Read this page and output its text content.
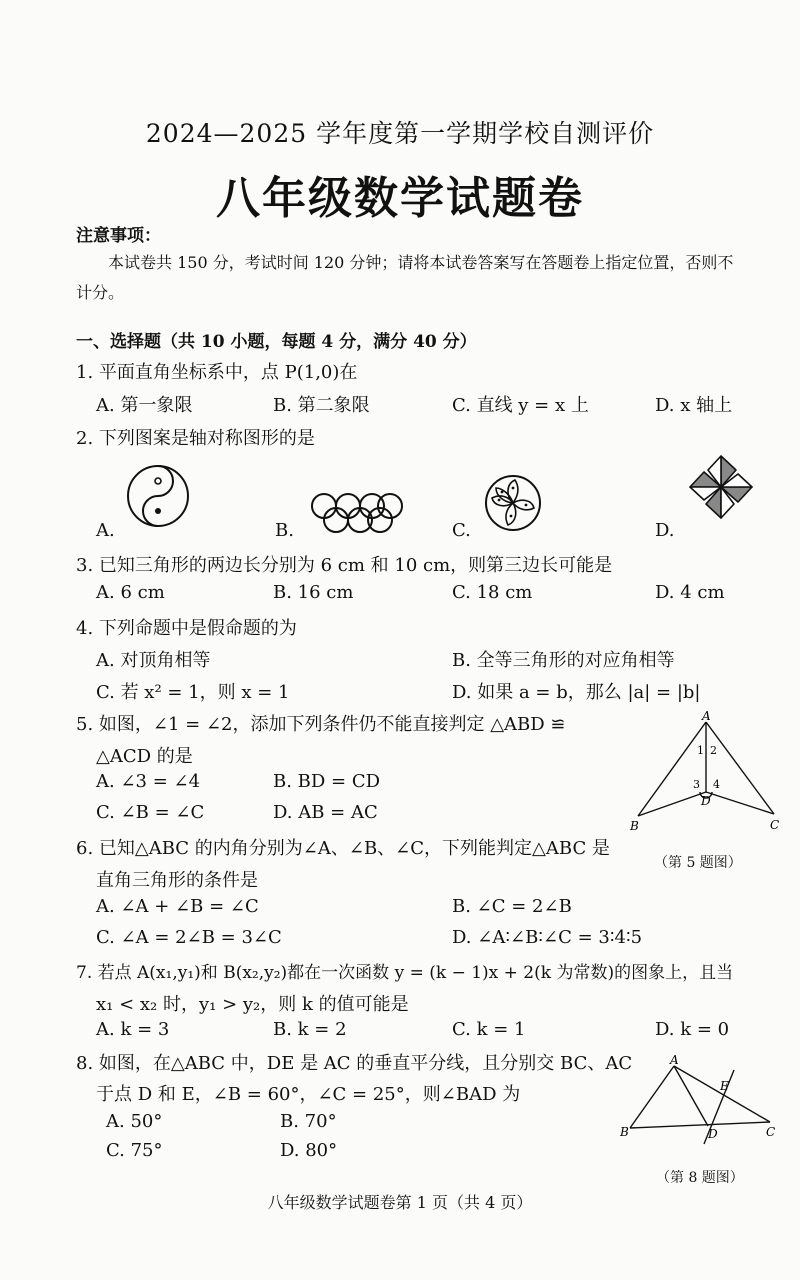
2024—2025 学年度第一学期学校自测评价
八年级数学试题卷
注意事项：
本试卷共 150 分，考试时间 120 分钟；请将本试卷答案写在答题卷上指定位置，否则不
计分。
一、选择题（共 10 小题，每题 4 分，满分 40 分）
1. 平面直角坐标系中，点 P(1,0)在
A. 第一象限	B. 第二象限	C. 直线 y = x 上	D. x 轴上
2. 下列图案是轴对称图形的是
A.	B.	C.	D.
3. 已知三角形的两边长分别为 6 cm 和 10 cm，则第三边长可能是
A. 6 cm	B. 16 cm	C. 18 cm	D. 4 cm
4. 下列命题中是假命题的为
A. 对顶角相等	B. 全等三角形的对应角相等
C. 若 x² = 1，则 x = 1	D. 如果 a = b，那么 |a| = |b|
5. 如图，∠1 = ∠2，添加下列条件仍不能直接判定 △ABD ≌
△ACD 的是
A. ∠3 = ∠4	B. BD = CD
C. ∠B = ∠C	D. AB = AC
A
1 2
3 4
D
B	C
（第 5 题图）
6. 已知△ABC 的内角分别为∠A、∠B、∠C，下列能判定△ABC 是
直角三角形的条件是
A. ∠A + ∠B = ∠C	B. ∠C = 2∠B
C. ∠A = 2∠B = 3∠C	D. ∠A∶∠B∶∠C = 3∶4∶5
7. 若点 A(x₁,y₁)和 B(x₂,y₂)都在一次函数 y = (k − 1)x + 2(k 为常数)的图象上，且当
x₁ < x₂ 时，y₁ > y₂，则 k 的值可能是
A. k = 3	B. k = 2	C. k = 1	D. k = 0
8. 如图，在△ABC 中，DE 是 AC 的垂直平分线，且分别交 BC、AC
于点 D 和 E，∠B = 60°，∠C = 25°，则∠BAD 为
A. 50°	B. 70°
C. 75°	D. 80°
A
B	C
D
E
（第 8 题图）
八年级数学试题卷第 1 页（共 4 页）
